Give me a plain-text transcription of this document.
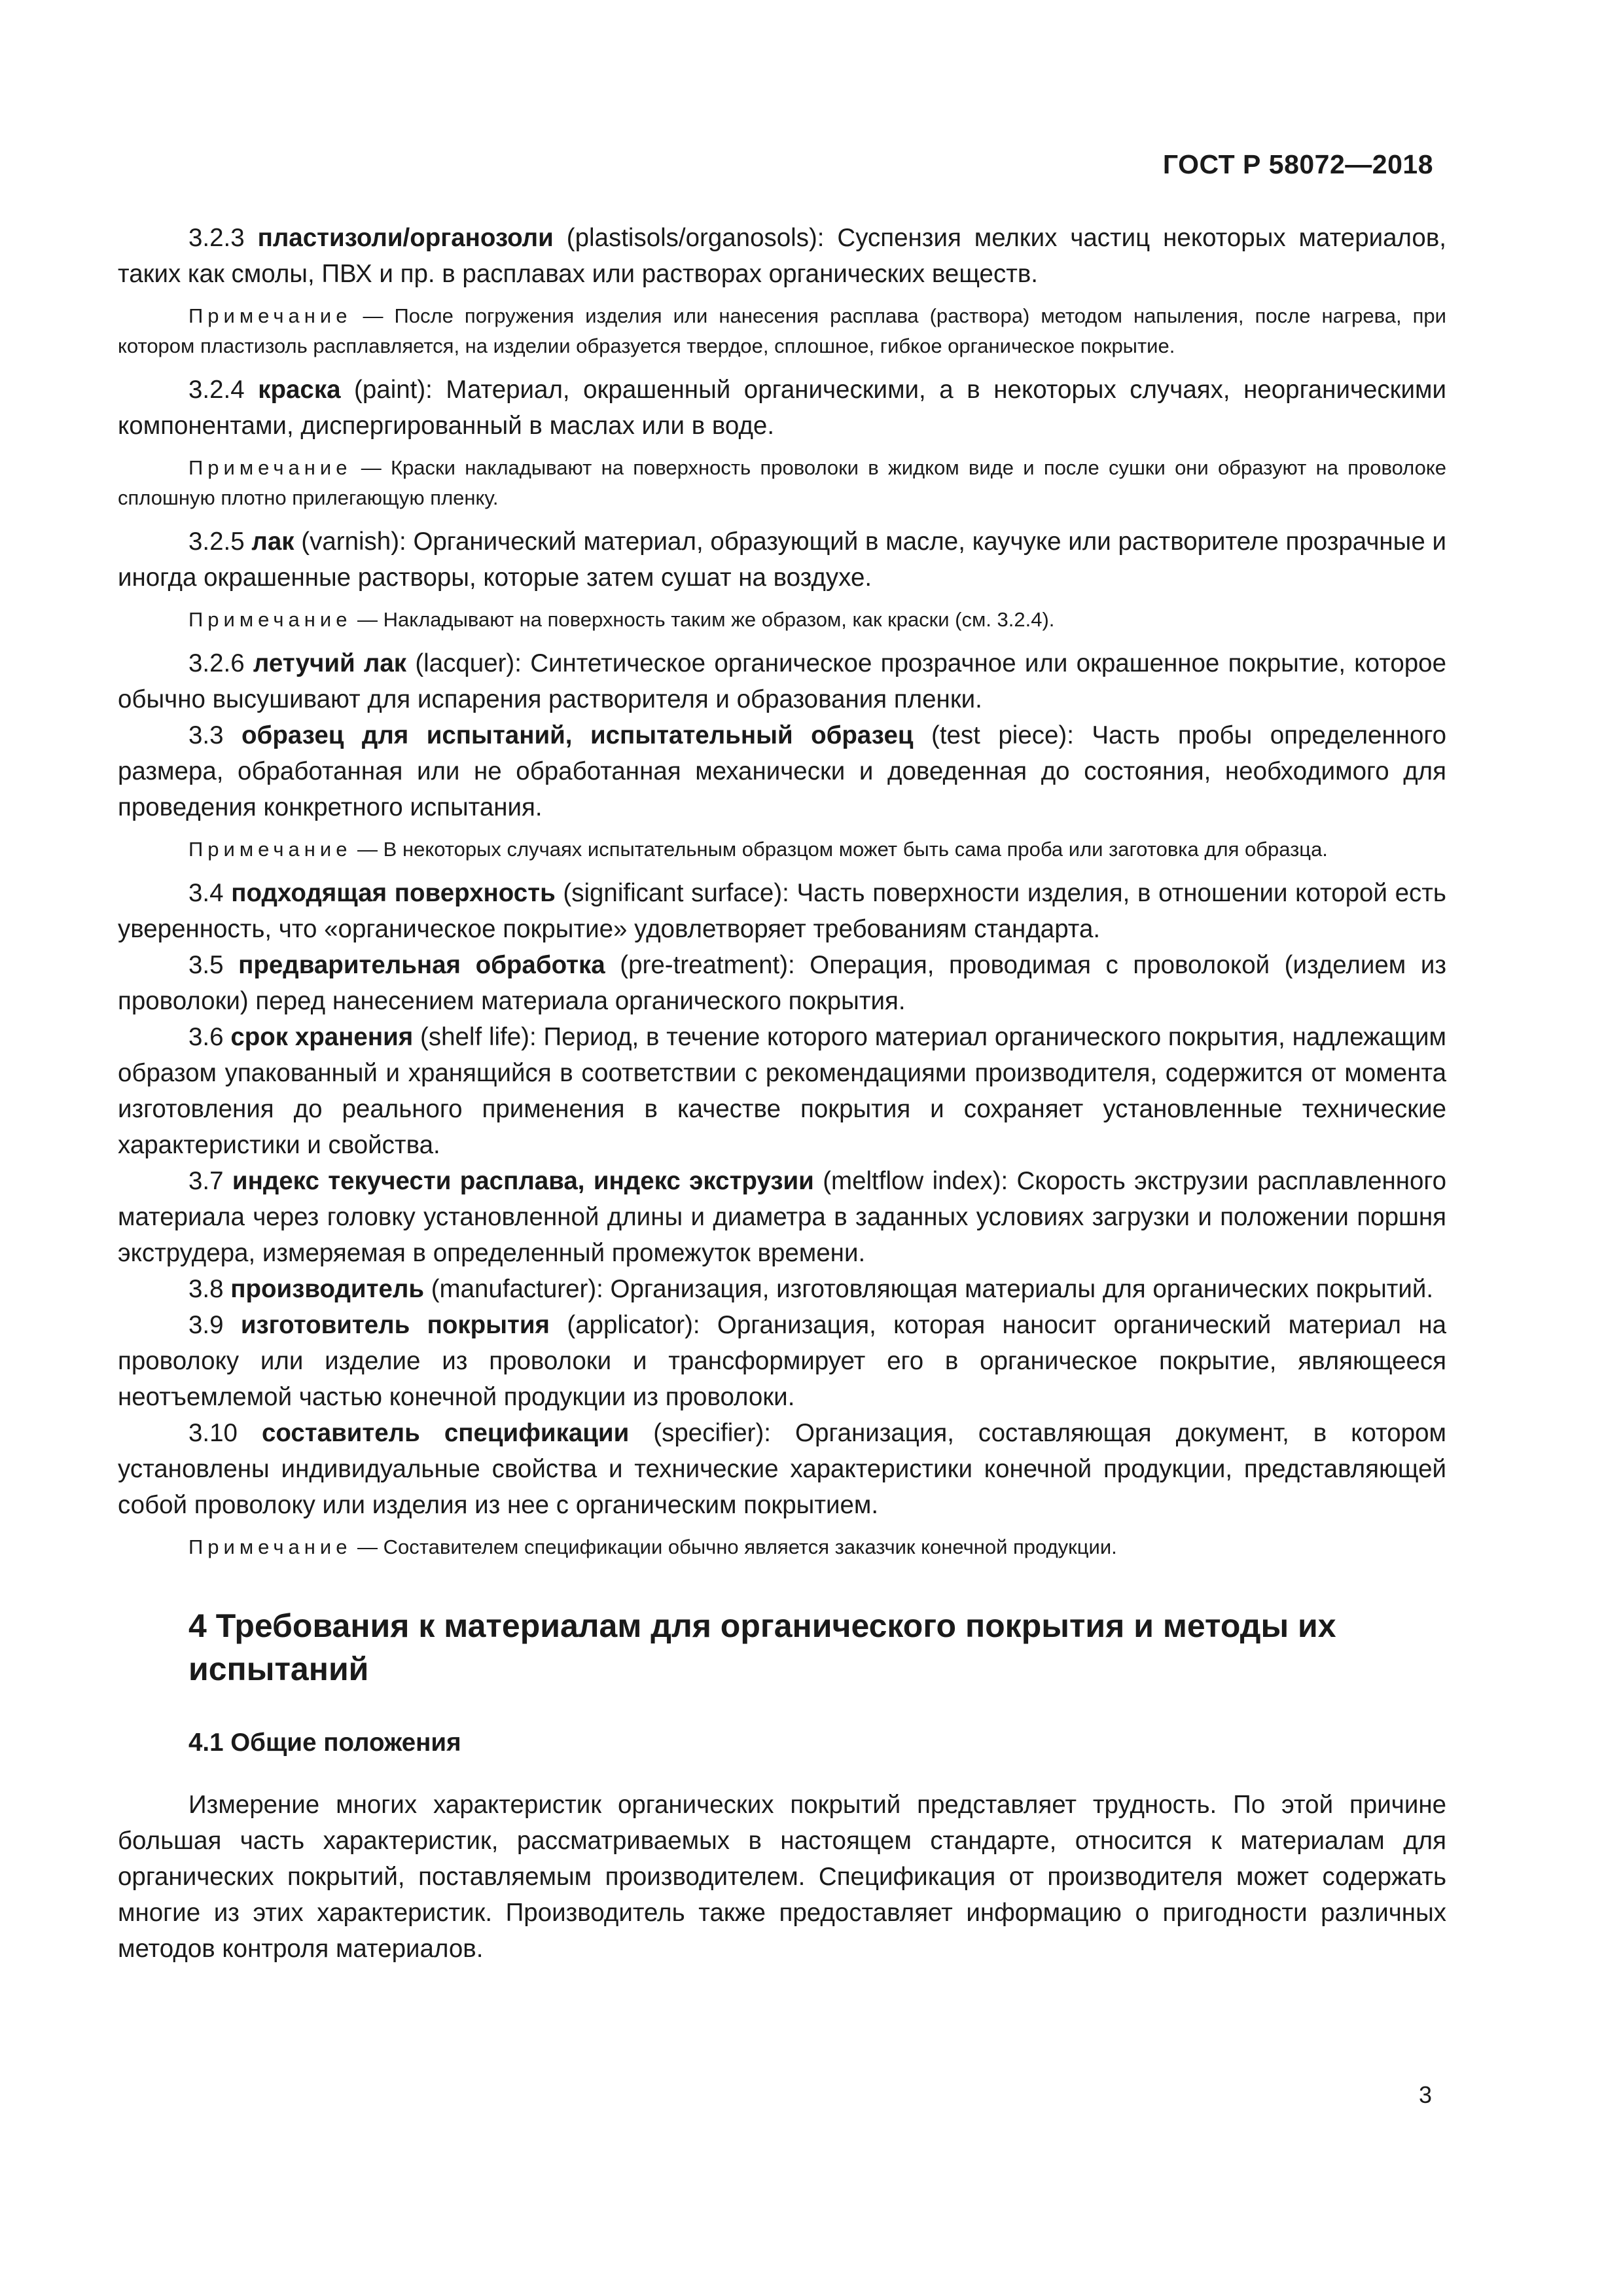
ГОСТ Р 58072—2018

3.2.3 пластизоли/органозоли (plastisols/organosols): Суспензия мелких частиц некоторых материалов, таких как смолы, ПВХ и пр. в расплавах или растворах органических веществ.

Примечание — После погружения изделия или нанесения расплава (раствора) методом напыления, после нагрева, при котором пластизоль расплавляется, на изделии образуется твердое, сплошное, гибкое органическое покрытие.

3.2.4 краска (paint): Материал, окрашенный органическими, а в некоторых случаях, неорганическими компонентами, диспергированный в маслах или в воде.

Примечание — Краски накладывают на поверхность проволоки в жидком виде и после сушки они образуют на проволоке сплошную плотно прилегающую пленку.

3.2.5 лак (varnish): Органический материал, образующий в масле, каучуке или растворителе прозрачные и иногда окрашенные растворы, которые затем сушат на воздухе.

Примечание — Накладывают на поверхность таким же образом, как краски (см. 3.2.4).

3.2.6 летучий лак (lacquer): Синтетическое органическое прозрачное или окрашенное покрытие, которое обычно высушивают для испарения растворителя и образования пленки.

3.3 образец для испытаний, испытательный образец (test piece): Часть пробы определенного размера, обработанная или не обработанная механически и доведенная до состояния, необходимого для проведения конкретного испытания.

Примечание — В некоторых случаях испытательным образцом может быть сама проба или заготовка для образца.

3.4 подходящая поверхность (significant surface): Часть поверхности изделия, в отношении которой есть уверенность, что «органическое покрытие» удовлетворяет требованиям стандарта.

3.5 предварительная обработка (pre-treatment): Операция, проводимая с проволокой (изделием из проволоки) перед нанесением материала органического покрытия.

3.6 срок хранения (shelf life): Период, в течение которого материал органического покрытия, надлежащим образом упакованный и хранящийся в соответствии с рекомендациями производителя, содержится от момента изготовления до реального применения в качестве покрытия и сохраняет установленные технические характеристики и свойства.

3.7 индекс текучести расплава, индекс экструзии (meltflow index): Скорость экструзии расплавленного материала через головку установленной длины и диаметра в заданных условиях загрузки и положении поршня экструдера, измеряемая в определенный промежуток времени.

3.8 производитель (manufacturer): Организация, изготовляющая материалы для органических покрытий.

3.9 изготовитель покрытия (applicator): Организация, которая наносит органический материал на проволоку или изделие из проволоки и трансформирует его в органическое покрытие, являющееся неотъемлемой частью конечной продукции из проволоки.

3.10 составитель спецификации (specifier): Организация, составляющая документ, в котором установлены индивидуальные свойства и технические характеристики конечной продукции, представляющей собой проволоку или изделия из нее с органическим покрытием.

Примечание — Составителем спецификации обычно является заказчик конечной продукции.

4 Требования к материалам для органического покрытия и методы их испытаний
4.1 Общие положения

Измерение многих характеристик органических покрытий представляет трудность. По этой причине большая часть характеристик, рассматриваемых в настоящем стандарте, относится к материалам для органических покрытий, поставляемым производителем. Спецификация от производителя может содержать многие из этих характеристик. Производитель также предоставляет информацию о пригодности различных методов контроля материалов.

3
